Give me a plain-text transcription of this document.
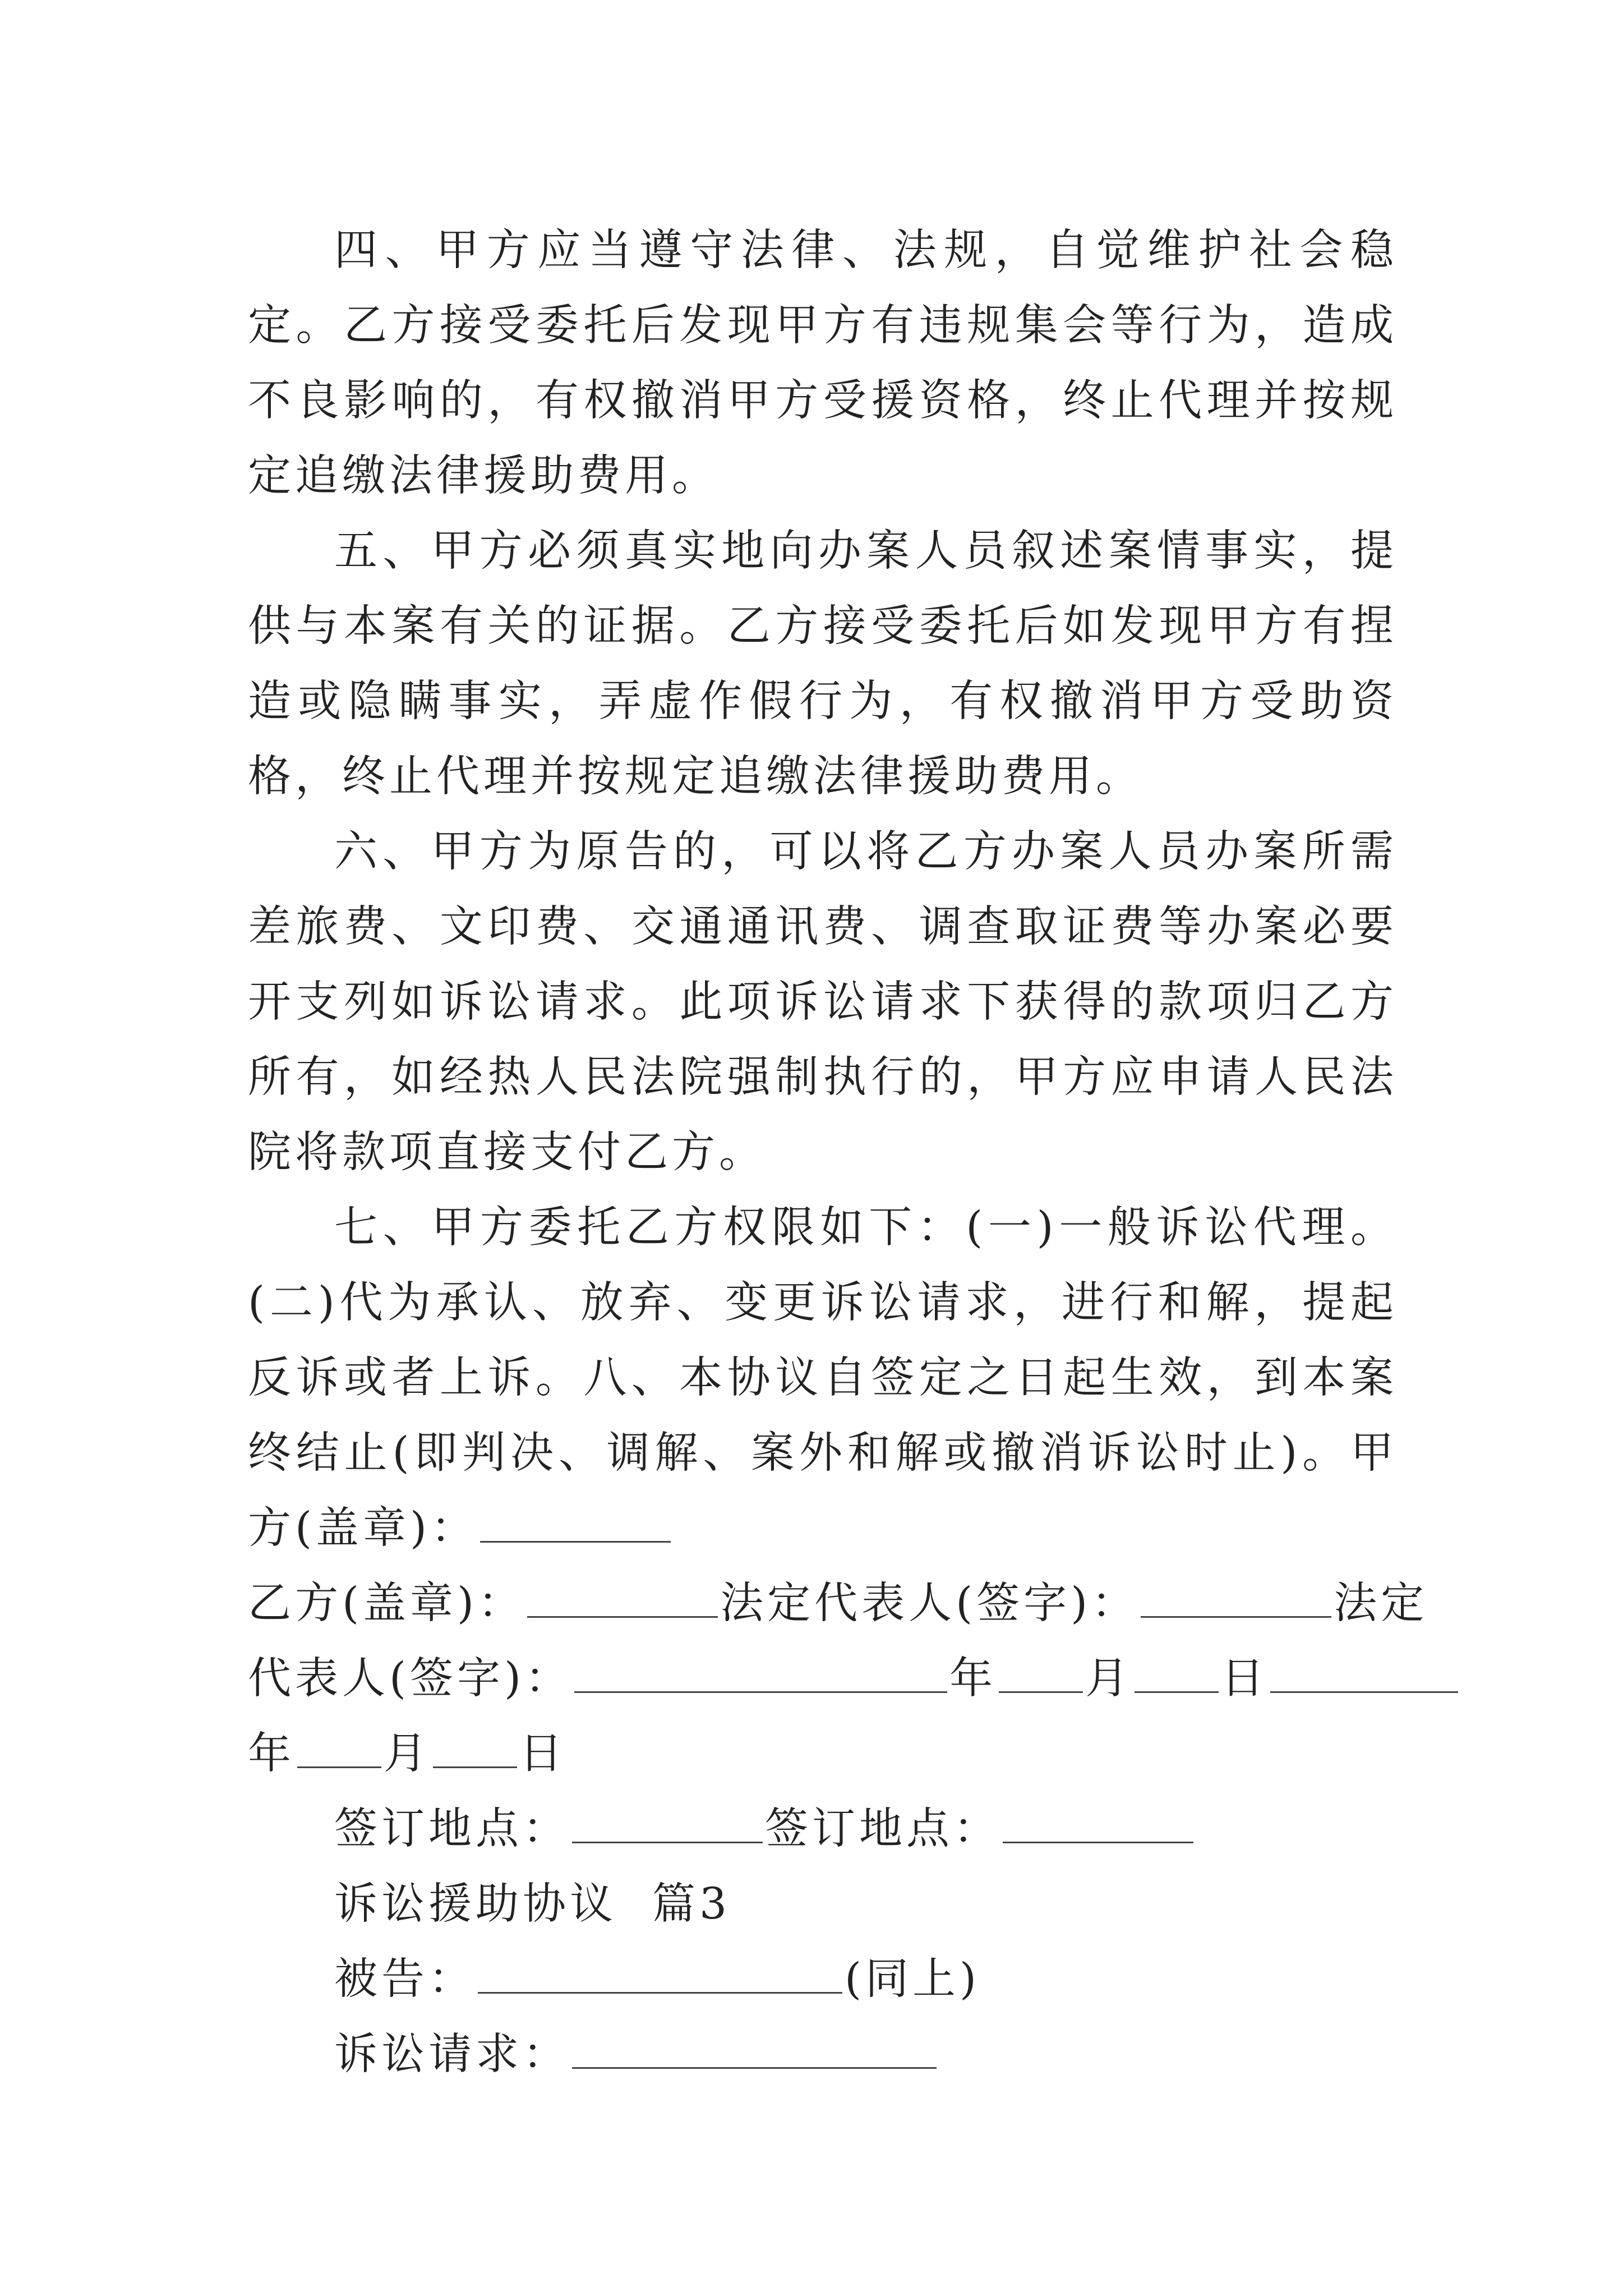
四、甲方应当遵守法律、法规，自觉维护社会稳定。乙方接受委托后发现甲方有违规集会等行为，造成不良影响的，有权撤消甲方受援资格，终止代理并按规定追缴法律援助费用。

五、甲方必须真实地向办案人员叙述案情事实，提供与本案有关的证据。乙方接受委托后如发现甲方有捏造或隐瞒事实，弄虚作假行为，有权撤消甲方受助资格，终止代理并按规定追缴法律援助费用。

六、甲方为原告的，可以将乙方办案人员办案所需差旅费、文印费、交通通讯费、调查取证费等办案必要开支列如诉讼请求。此项诉讼请求下获得的款项归乙方所有，如经热人民法院强制执行的，甲方应申请人民法院将款项直接支付乙方。

七、甲方委托乙方权限如下：(一)一般诉讼代理。(二)代为承认、放弃、变更诉讼请求，进行和解，提起反诉或者上诉。八、本协议自签定之日起生效，到本案终结止(即判决、调解、案外和解或撤消诉讼时止)。甲方(盖章)：

乙方(盖章)：	法定代表人(签字)：	法定

代表人(签字)：	年 月 日

年 月 日

签订地点：	签订地点：

诉讼援助协议  篇3

被告：	(同上)

诉讼请求：
